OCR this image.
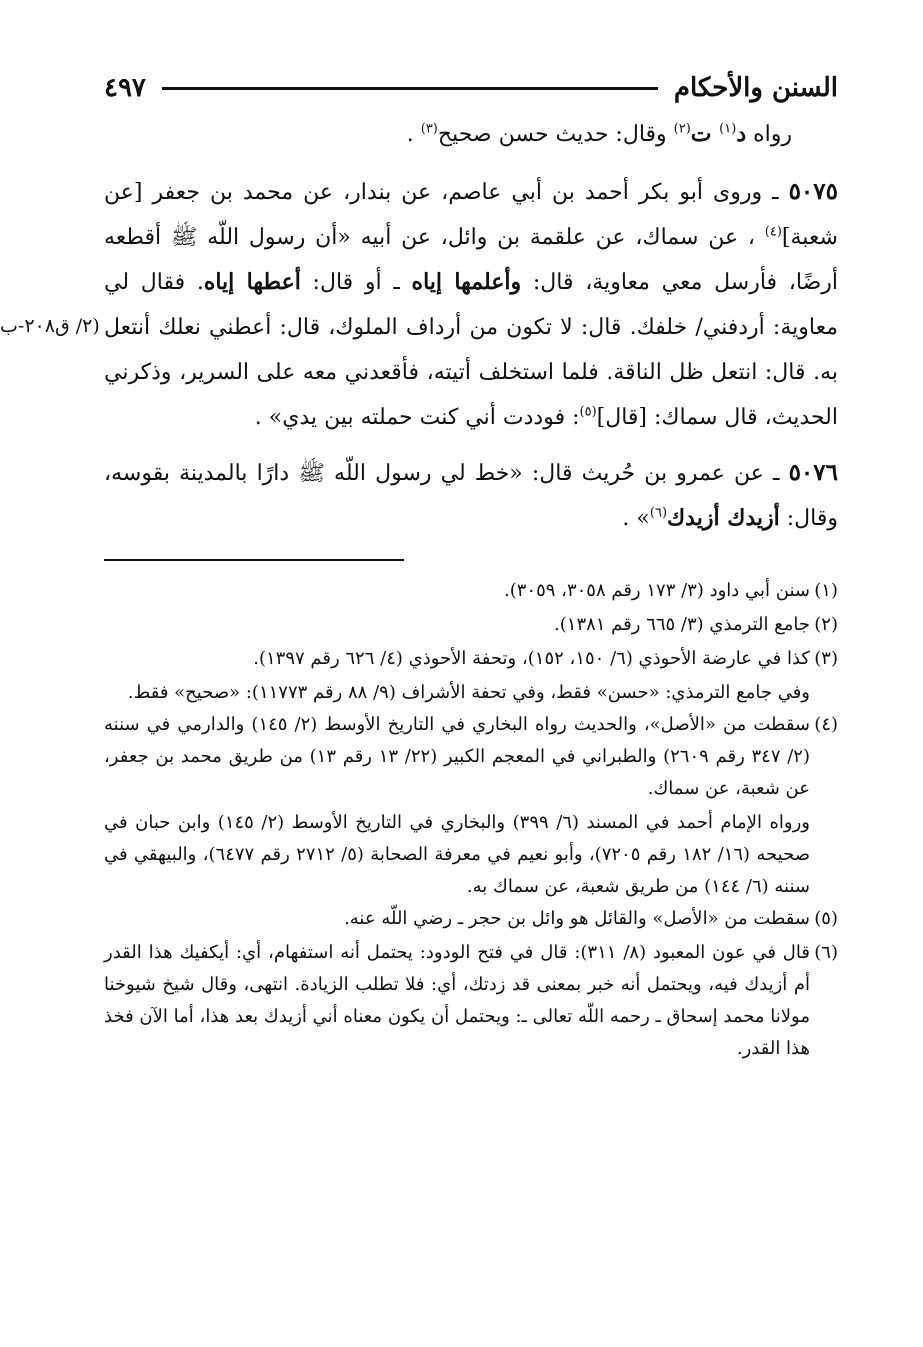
السنن والأحكام
٤٩٧

رواه د$^{(١)}$ ت$^{(٢)}$ وقال: حديث حسن صحيح$^{(٣)}$ .

(٢/ ق٢٠٨-ب
٥٠٧٥ ـ وروى أبو بكر أحمد بن أبي عاصم، عن بندار، عن محمد بن جعفر [عن شعبة]$^{(٤)}$ ، عن سماك، عن علقمة بن وائل، عن أبيه «أن رسول اللّه ﷺ أقطعه أرضًا، فأرسل معي معاوية، قال: وأعلمها إياه ـ أو قال: أعطها إياه. فقال لي معاوية: أردفني/ خلفك. قال: لا تكون من أرداف الملوك، قال: أعطني نعلك أنتعل به. قال: انتعل ظل الناقة. فلما استخلف أتيته، فأقعدني معه على السرير، وذكرني الحديث، قال سماك: [قال]$^{(٥)}$: فوددت أني كنت حملته بين يدي» .

٥٠٧٦ ـ عن عمرو بن حُريث قال: «خط لي رسول اللّه ﷺ دارًا بالمدينة بقوسه، وقال: أزيدك أزيدك$^{(٦)}$» .

(١)سنن أبي داود (٣/ ١٧٣ رقم ٣٠٥٨، ٣٠٥٩).

(٢)جامع الترمذي (٣/ ٦٦٥ رقم ١٣٨١).

(٣)كذا في عارضة الأحوذي (٦/ ١٥٠، ١٥٢)، وتحفة الأحوذي (٤/ ٦٢٦ رقم ١٣٩٧).

وفي جامع الترمذي: «حسن» فقط، وفي تحفة الأشراف (٩/ ٨٨ رقم ١١٧٧٣): «صحيح» فقط.

(٤)سقطت من «الأصل»، والحديث رواه البخاري في التاريخ الأوسط (٢/ ١٤٥) والدارمي في سننه (٢/ ٣٤٧ رقم ٢٦٠٩) والطبراني في المعجم الكبير (٢٢/ ١٣ رقم ١٣) من طريق محمد بن جعفر، عن شعبة، عن سماك.

ورواه الإمام أحمد في المسند (٦/ ٣٩٩) والبخاري في التاريخ الأوسط (٢/ ١٤٥) وابن حبان في صحيحه (١٦/ ١٨٢ رقم ٧٢٠٥)، وأبو نعيم في معرفة الصحابة (٥/ ٢٧١٢ رقم ٦٤٧٧)، والبيهقي في سننه (٦/ ١٤٤) من طريق شعبة، عن سماك به.

(٥)سقطت من «الأصل» والقائل هو وائل بن حجر ـ رضي اللّه عنه.

(٦)قال في عون المعبود (٨/ ٣١١): قال في فتح الودود: يحتمل أنه استفهام، أي: أيكفيك هذا القدر أم أزيدك فيه، ويحتمل أنه خبر بمعنى قد زدتك، أي: فلا تطلب الزيادة. انتهى، وقال شيخ شيوخنا مولانا محمد إسحاق ـ رحمه اللّه تعالى ـ: ويحتمل أن يكون معناه أني أزيدك بعد هذا، أما الآن فخذ هذا القدر.
